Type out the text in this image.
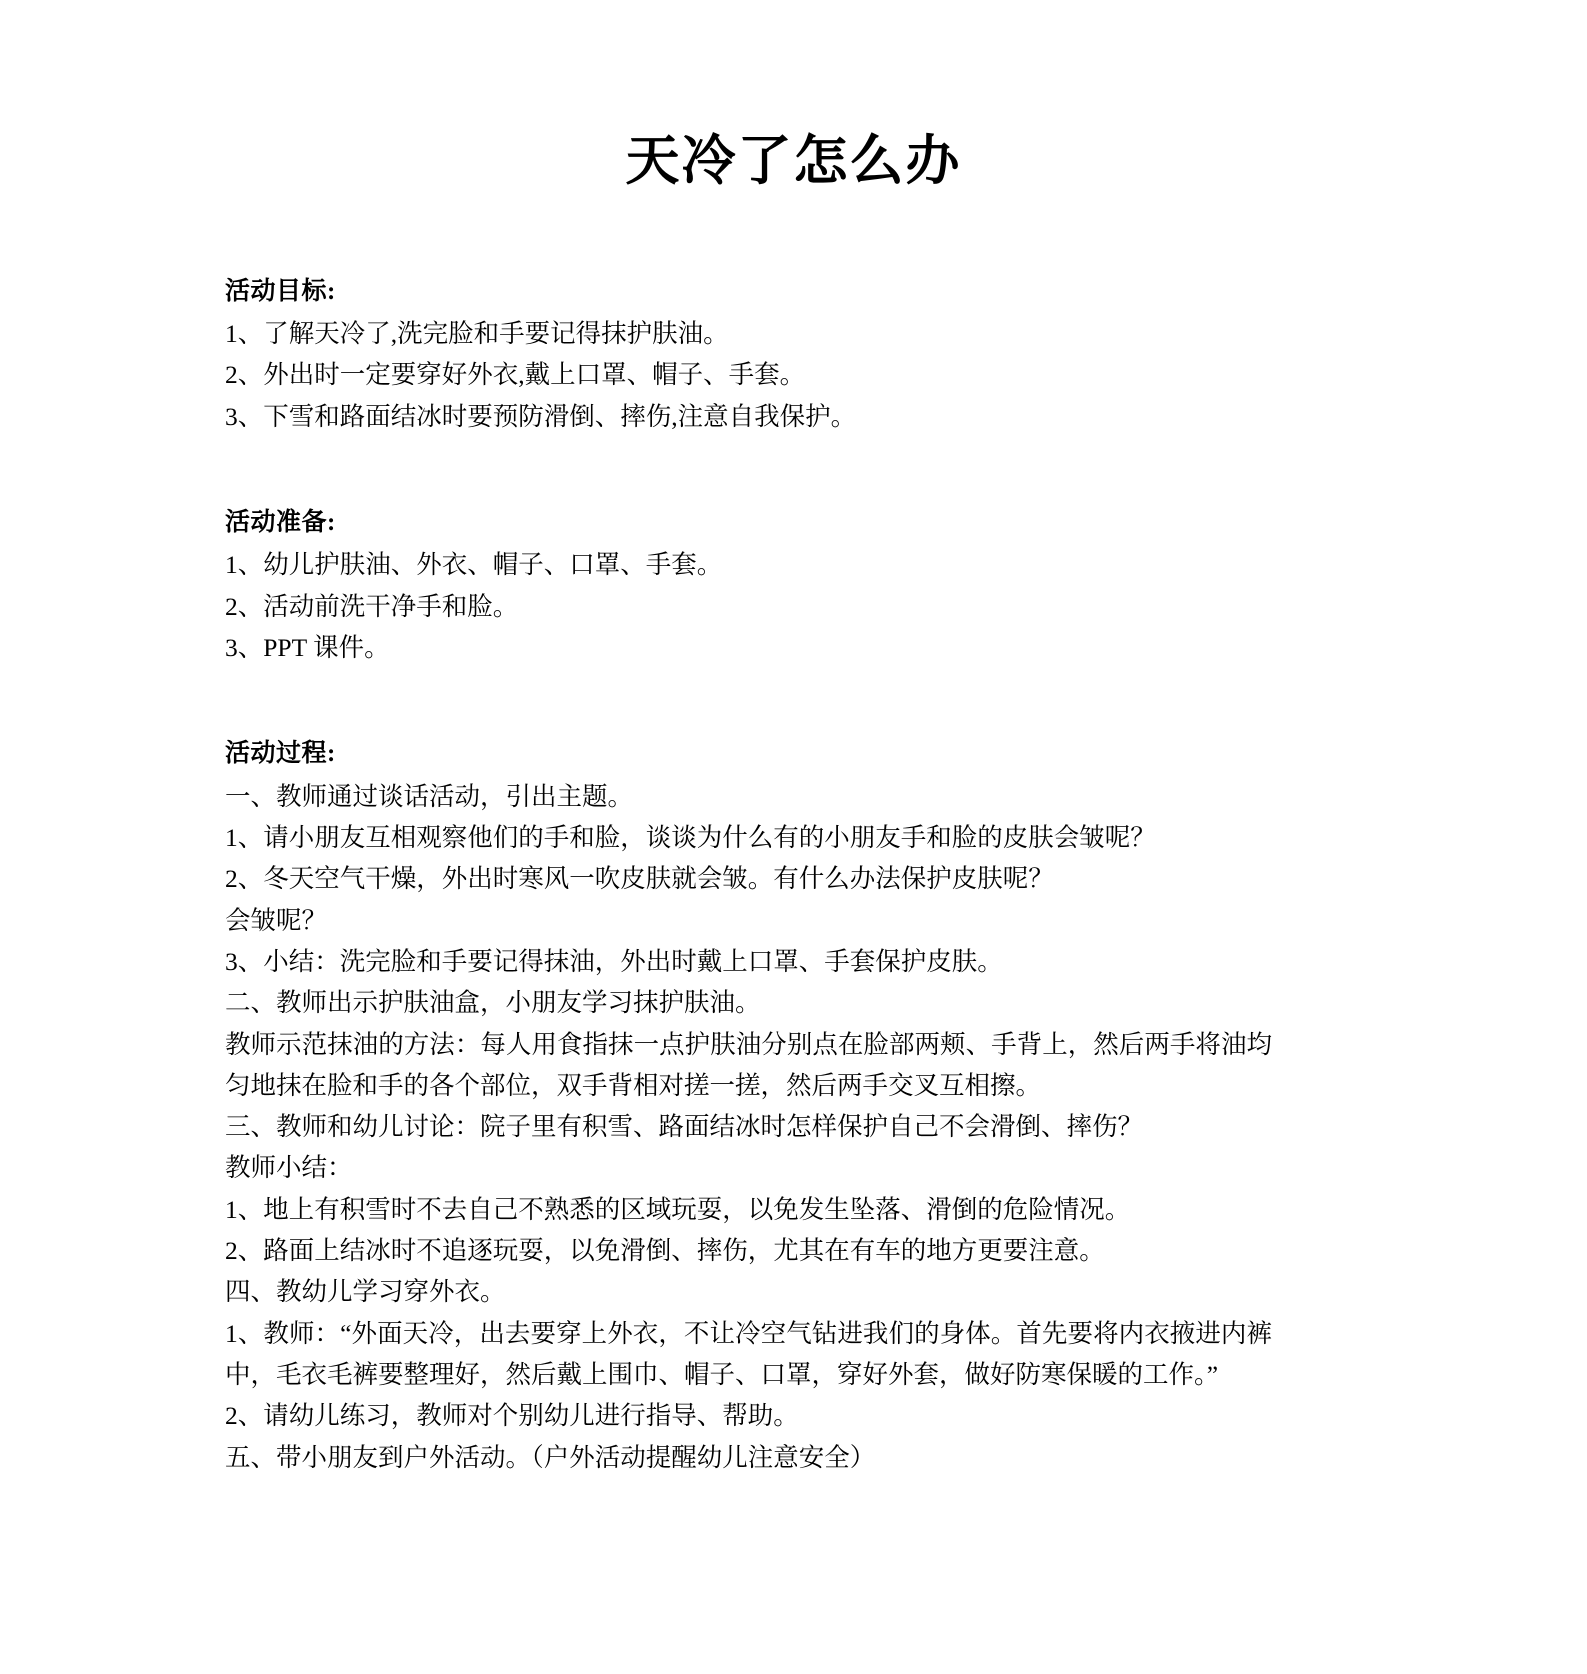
天冷了怎么办

活动目标:

1、了解天冷了,洗完脸和手要记得抹护肤油。

2、外出时一定要穿好外衣,戴上口罩、帽子、手套。

3、下雪和路面结冰时要预防滑倒、摔伤,注意自我保护。

活动准备:

1、幼儿护肤油、外衣、帽子、口罩、手套。

2、活动前洗干净手和脸。

3、PPT 课件。

活动过程:

一、教师通过谈话活动，引出主题。

1、请小朋友互相观察他们的手和脸，谈谈为什么有的小朋友手和脸的皮肤会皱呢？

2、冬天空气干燥，外出时寒风一吹皮肤就会皱。有什么办法保护皮肤呢？

会皱呢？

3、小结：洗完脸和手要记得抹油，外出时戴上口罩、手套保护皮肤。

二、教师出示护肤油盒，小朋友学习抹护肤油。

教师示范抹油的方法：每人用食指抹一点护肤油分别点在脸部两颊、手背上，然后两手将油均匀地抹在脸和手的各个部位，双手背相对搓一搓，然后两手交叉互相擦。

三、教师和幼儿讨论：院子里有积雪、路面结冰时怎样保护自己不会滑倒、摔伤？

教师小结：

1、地上有积雪时不去自己不熟悉的区域玩耍，以免发生坠落、滑倒的危险情况。

2、路面上结冰时不追逐玩耍，以免滑倒、摔伤，尤其在有车的地方更要注意。

四、教幼儿学习穿外衣。

1、教师：“外面天冷，出去要穿上外衣，不让冷空气钻进我们的身体。首先要将内衣掖进内裤中，毛衣毛裤要整理好，然后戴上围巾、帽子、口罩，穿好外套，做好防寒保暖的工作。”

2、请幼儿练习，教师对个别幼儿进行指导、帮助。

五、带小朋友到户外活动。（户外活动提醒幼儿注意安全）
